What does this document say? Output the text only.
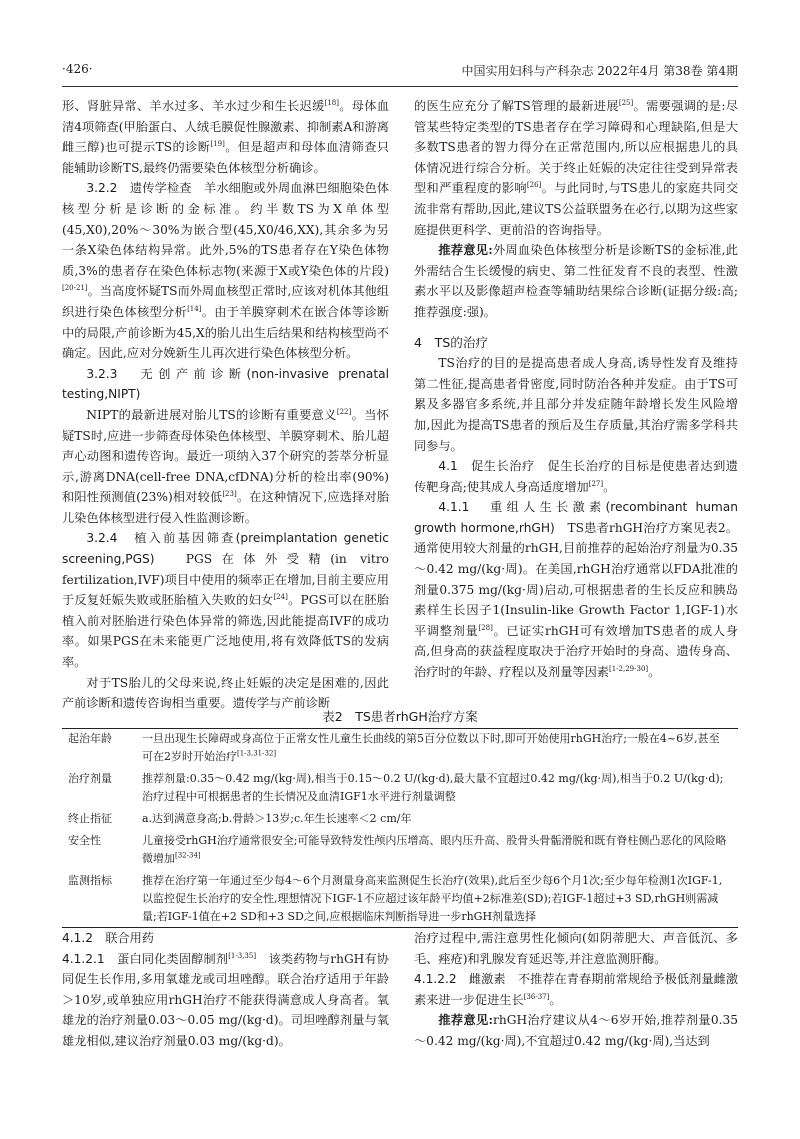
·426·	中国实用妇科与产科杂志 2022年4月 第38卷 第4期

形、肾脏异常、羊水过多、羊水过少和生长迟缓[18]。母体血清4项筛查(甲胎蛋白、人绒毛膜促性腺激素、抑制素A和游离雌三醇)也可提示TS的诊断[19]。但是超声和母体血清筛查只能辅助诊断TS,最终仍需要染色体核型分析确诊。

3.2.2　遗传学检查　羊水细胞或外周血淋巴细胞染色体核型分析是诊断的金标准。约半数TS为X单体型(45,X0),20%～30%为嵌合型(45,X0/46,XX),其余多为另一条X染色体结构异常。此外,5%的TS患者存在Y染色体物质,3%的患者存在染色体标志物(来源于X或Y染色体的片段)[20-21]。当高度怀疑TS而外周血核型正常时,应该对机体其他组织进行染色体核型分析[14]。由于羊膜穿刺术在嵌合体等诊断中的局限,产前诊断为45,X的胎儿出生后结果和结构核型尚不确定。因此,应对分娩新生儿再次进行染色体核型分析。

3.2.3　无创产前诊断(non-invasive prenatal testing,NIPT)

NIPT的最新进展对胎儿TS的诊断有重要意义[22]。当怀疑TS时,应进一步筛查母体染色体核型、羊膜穿刺术、胎儿超声心动图和遗传咨询。最近一项纳入37个研究的荟萃分析显示,游离DNA(cell-free DNA,cfDNA)分析的检出率(90%)和阳性预测值(23%)相对较低[23]。在这种情况下,应选择对胎儿染色体核型进行侵入性监测诊断。

3.2.4　植入前基因筛查(preimplantation genetic screening,PGS)　PGS在体外受精(in vitro fertilization,IVF)项目中使用的频率正在增加,目前主要应用于反复妊娠失败或胚胎植入失败的妇女[24]。PGS可以在胚胎植入前对胚胎进行染色体异常的筛选,因此能提高IVF的成功率。如果PGS在未来能更广泛地使用,将有效降低TS的发病率。

对于TS胎儿的父母来说,终止妊娠的决定是困难的,因此产前诊断和遗传咨询相当重要。遗传学与产前诊断

的医生应充分了解TS管理的最新进展[25]。需要强调的是:尽管某些特定类型的TS患者存在学习障碍和心理缺陷,但是大多数TS患者的智力得分在正常范围内,所以应根据患儿的具体情况进行综合分析。关于终止妊娠的决定往往受到异常表型和严重程度的影响[26]。与此同时,与TS患儿的家庭共同交流非常有帮助,因此,建议TS公益联盟务在必行,以期为这些家庭提供更科学、更前沿的咨询指导。

推荐意见:外周血染色体核型分析是诊断TS的金标准,此外需结合生长缓慢的病史、第二性征发育不良的表型、性激素水平以及影像超声检查等辅助结果综合诊断(证据分级:高;推荐强度:强)。

4　TS的治疗

TS治疗的目的是提高患者成人身高,诱导性发育及维持第二性征,提高患者骨密度,同时防治各种并发症。由于TS可累及多器官多系统,并且部分并发症随年龄增长发生风险增加,因此为提高TS患者的预后及生存质量,其治疗需多学科共同参与。

4.1　促生长治疗　促生长治疗的目标是使患者达到遗传靶身高;使其成人身高适度增加[27]。

4.1.1　重组人生长激素(recombinant human growth hormone,rhGH)　TS患者rhGH治疗方案见表2。通常使用较大剂量的rhGH,目前推荐的起始治疗剂量为0.35～0.42 mg/(kg·周)。在美国,rhGH治疗通常以FDA批准的剂量0.375 mg/(kg·周)启动,可根据患者的生长反应和胰岛素样生长因子1(Insulin-like Growth Factor 1,IGF-1)水平调整剂量[28]。已证实rhGH可有效增加TS患者的成人身高,但身高的获益程度取决于治疗开始时的身高、遗传身高、治疗时的年龄、疗程以及剂量等因素[1-2,29-30]。

表2　TS患者rhGH治疗方案
起治年龄	一旦出现生长障碍或身高位于正常女性儿童生长曲线的第5百分位数以下时,即可开始使用rhGH治疗;一般在4~6岁,甚至可在2岁时开始治疗[1-3,31-32]
治疗剂量	推荐剂量:0.35～0.42 mg/(kg·周),相当于0.15～0.2 U/(kg·d),最大量不宜超过0.42 mg/(kg·周),相当于0.2 U/(kg·d);治疗过程中可根据患者的生长情况及血清IGF1水平进行剂量调整
终止指征	a.达到满意身高;b.骨龄＞13岁;c.年生长速率＜2 cm/年
安全性	儿童接受rhGH治疗通常很安全;可能导致特发性颅内压增高、眼内压升高、股骨头骨骺滑脱和既有脊柱侧凸恶化的风险略微增加[32-34]
监测指标	推荐在治疗第一年通过至少每4～6个月测量身高来监测促生长治疗(效果),此后至少每6个月1次;至少每年检测1次IGF-1,以监控促生长治疗的安全性,理想情况下IGF-1不应超过该年龄平均值+2标准差(SD);若IGF-1超过+3 SD,rhGH则需减量;若IGF-1值在+2 SD和+3 SD之间,应根据临床判断指导进一步rhGH剂量选择

4.1.2　联合用药

4.1.2.1　蛋白同化类固醇制剂[1-3,35]　该类药物与rhGH有协同促生长作用,多用氧雄龙或司坦唑醇。联合治疗适用于年龄＞10岁,或单独应用rhGH治疗不能获得满意成人身高者。氧雄龙的治疗剂量0.03～0.05 mg/(kg·d)。司坦唑醇剂量与氧雄龙相似,建议治疗剂量0.03 mg/(kg·d)。

治疗过程中,需注意男性化倾向(如阴蒂肥大、声音低沉、多毛、痤疮)和乳腺发育延迟等,并注意监测肝酶。

4.1.2.2　雌激素　不推荐在青春期前常规给予极低剂量雌激素来进一步促进生长[36-37]。

推荐意见:rhGH治疗建议从4～6岁开始,推荐剂量0.35～0.42 mg/(kg·周),不宜超过0.42 mg/(kg·周),当达到
